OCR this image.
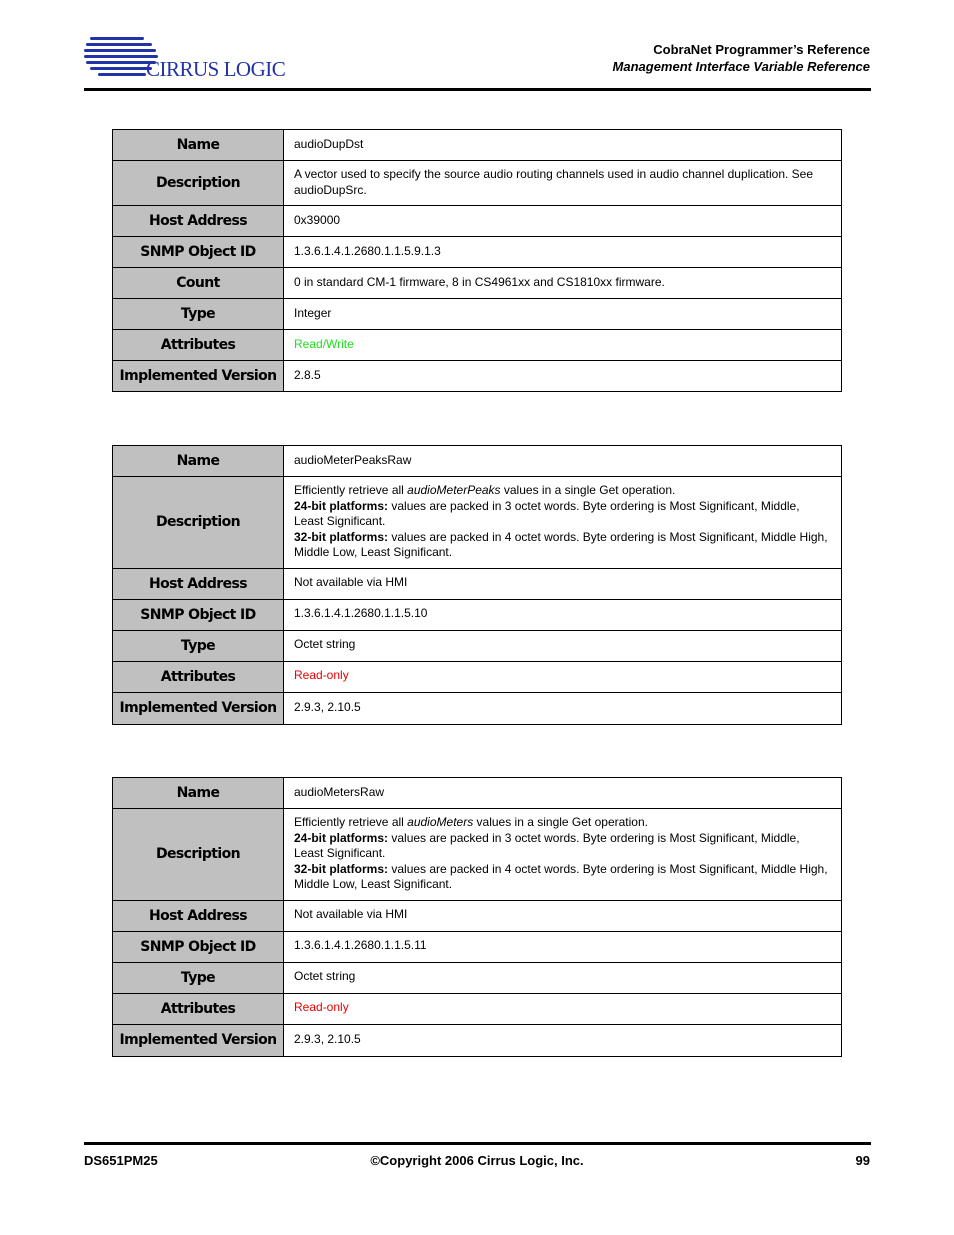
CIRRUS LOGIC
CobraNet Programmer’s Reference
Management Interface Variable Reference
Name	audioDupDst
Description	A vector used to specify the source audio routing channels used in audio channel duplication. See audioDupSrc.
Host Address	0x39000
SNMP Object ID	1.3.6.1.4.1.2680.1.1.5.9.1.3
Count	0 in standard CM-1 firmware, 8 in CS4961xx and CS1810xx firmware.
Type	Integer
Attributes	Read/Write
Implemented Version	2.8.5
Name	audioMeterPeaksRaw
Description	Efficiently retrieve all audioMeterPeaks values in a single Get operation.
24-bit platforms: values are packed in 3 octet words. Byte ordering is Most Significant, Middle, Least Significant.
32-bit platforms: values are packed in 4 octet words. Byte ordering is Most Significant, Middle High, Middle Low, Least Significant.
Host Address	Not available via HMI
SNMP Object ID	1.3.6.1.4.1.2680.1.1.5.10
Type	Octet string
Attributes	Read-only
Implemented Version	2.9.3, 2.10.5
Name	audioMetersRaw
Description	Efficiently retrieve all audioMeters values in a single Get operation.
24-bit platforms: values are packed in 3 octet words. Byte ordering is Most Significant, Middle, Least Significant.
32-bit platforms: values are packed in 4 octet words. Byte ordering is Most Significant, Middle High, Middle Low, Least Significant.
Host Address	Not available via HMI
SNMP Object ID	1.3.6.1.4.1.2680.1.1.5.11
Type	Octet string
Attributes	Read-only
Implemented Version	2.9.3, 2.10.5
DS651PM25	©Copyright 2006 Cirrus Logic, Inc.	99
